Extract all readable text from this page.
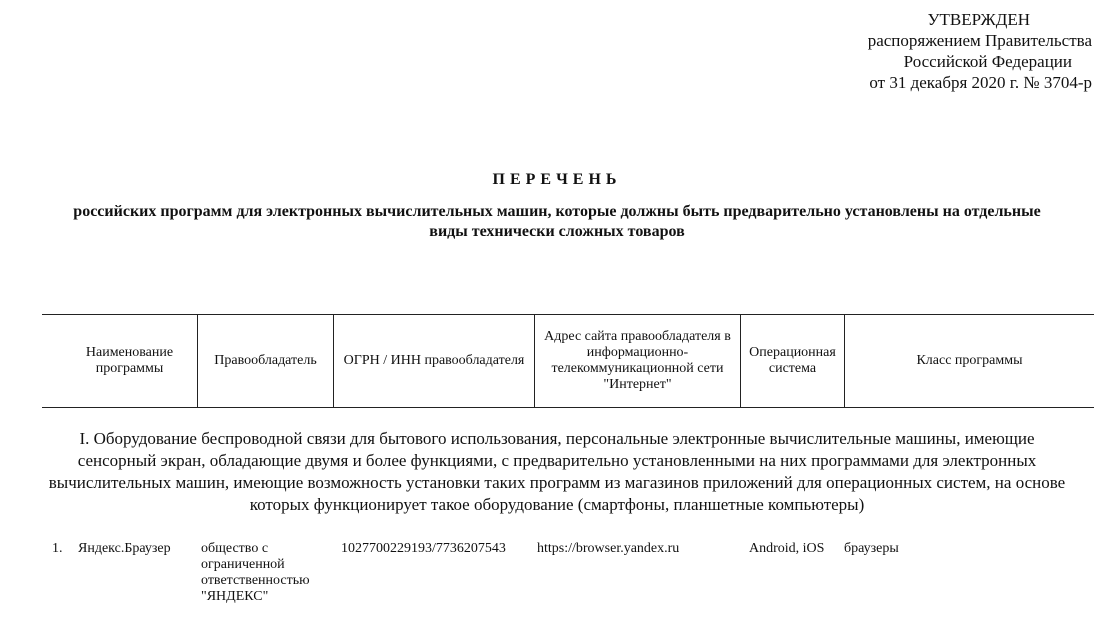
УТВЕРЖДЕН
распоряжением Правительства
Российской Федерации
от 31 декабря 2020 г. № 3704-р
ПЕРЕЧЕНЬ
российских программ для электронных вычислительных машин, которые должны быть предварительно установлены на отдельные виды технически сложных товаров
Наименование программы
Правообладатель	ОГРН / ИНН правообладателя
Адрес сайта правообладателя в информационно-телекоммуникационной сети "Интернет"
Операционная система
Класс программы
I. Оборудование беспроводной связи для бытового использования, персональные электронные вычислительные машины, имеющие сенсорный экран, обладающие двумя и более функциями, с предварительно установленными на них программами для электронных вычислительных машин, имеющие возможность установки таких программ из магазинов приложений для операционных систем, на основе которых функционирует такое оборудование (смартфоны, планшетные компьютеры)
1. Яндекс.Браузер общество с ограниченной ответственностью "ЯНДЕКС"
1027700229193/7736207543 https://browser.yandex.ru	Android, iOS браузеры
